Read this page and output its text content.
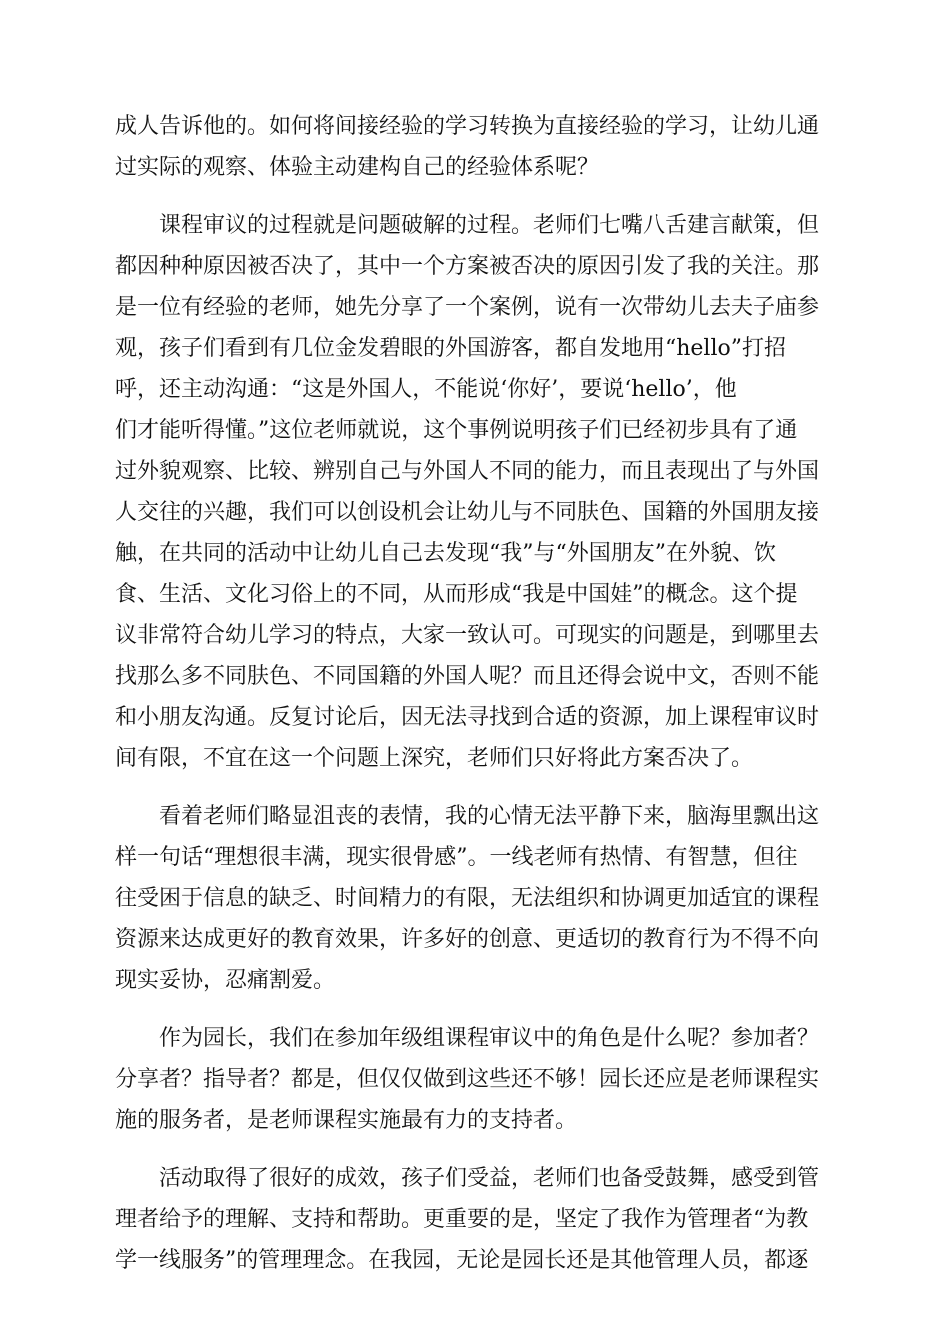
成人告诉他的。如何将间接经验的学习转换为直接经验的学习，让幼儿通
过实际的观察、体验主动建构自己的经验体系呢？

课程审议的过程就是问题破解的过程。老师们七嘴八舌建言献策，但
都因种种原因被否决了，其中一个方案被否决的原因引发了我的关注。那
是一位有经验的老师，她先分享了一个案例，说有一次带幼儿去夫子庙参
观，孩子们看到有几位金发碧眼的外国游客，都自发地用“hello”打招
呼，还主动沟通：“这是外国人，不能说‘你好’，要说‘hello’，他
们才能听得懂。”这位老师就说，这个事例说明孩子们已经初步具有了通
过外貌观察、比较、辨别自己与外国人不同的能力，而且表现出了与外国
人交往的兴趣，我们可以创设机会让幼儿与不同肤色、国籍的外国朋友接
触，在共同的活动中让幼儿自己去发现“我”与“外国朋友”在外貌、饮
食、生活、文化习俗上的不同，从而形成“我是中国娃”的概念。这个提
议非常符合幼儿学习的特点，大家一致认可。可现实的问题是，到哪里去
找那么多不同肤色、不同国籍的外国人呢？而且还得会说中文，否则不能
和小朋友沟通。反复讨论后，因无法寻找到合适的资源，加上课程审议时
间有限，不宜在这一个问题上深究，老师们只好将此方案否决了。

看着老师们略显沮丧的表情，我的心情无法平静下来，脑海里飘出这
样一句话“理想很丰满，现实很骨感”。一线老师有热情、有智慧，但往
往受困于信息的缺乏、时间精力的有限，无法组织和协调更加适宜的课程
资源来达成更好的教育效果，许多好的创意、更适切的教育行为不得不向
现实妥协，忍痛割爱。

作为园长，我们在参加年级组课程审议中的角色是什么呢？参加者？
分享者？指导者？都是，但仅仅做到这些还不够！园长还应是老师课程实
施的服务者，是老师课程实施最有力的支持者。

活动取得了很好的成效，孩子们受益，老师们也备受鼓舞，感受到管
理者给予的理解、支持和帮助。更重要的是，坚定了我作为管理者“为教
学一线服务”的管理理念。在我园，无论是园长还是其他管理人员，都逐
